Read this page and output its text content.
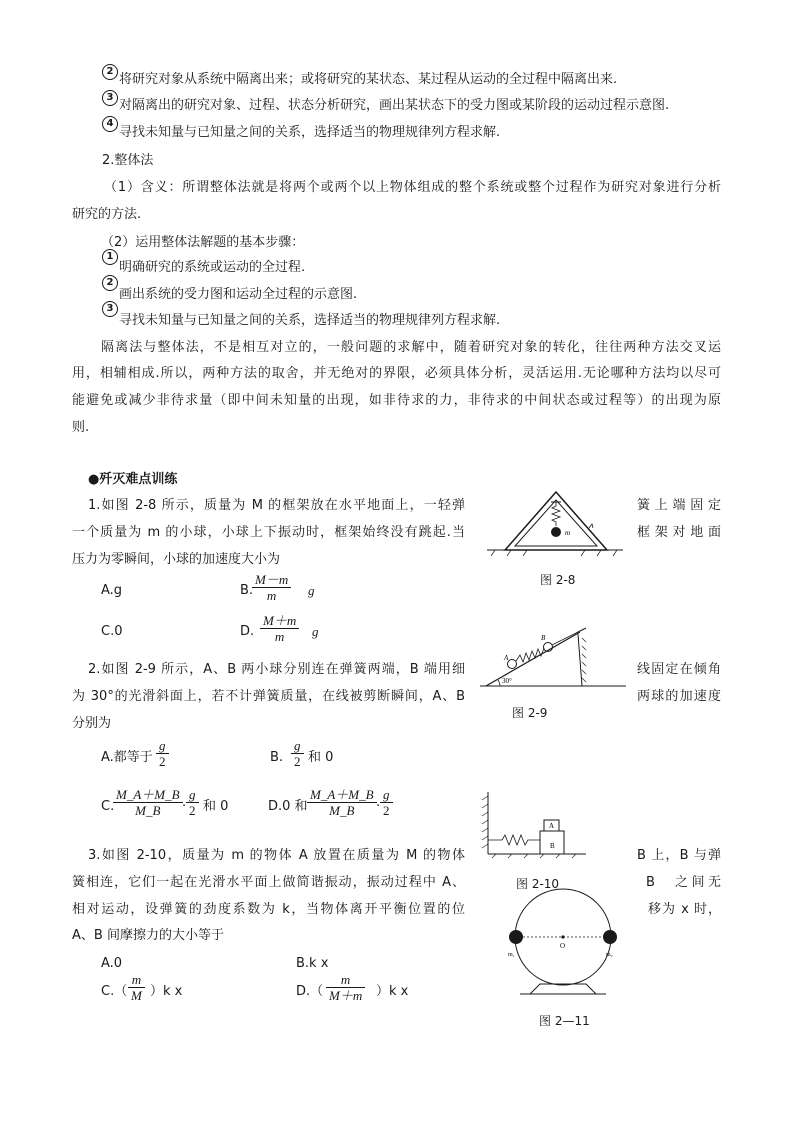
2
将研究对象从系统中隔离出来；或将研究的某状态、某过程从运动的全过程中隔离出来.
3
对隔离出的研究对象、过程、状态分析研究，画出某状态下的受力图或某阶段的运动过程示意图.
4
寻找未知量与已知量之间的关系，选择适当的物理规律列方程求解.
2.整体法
（1）含义：所谓整体法就是将两个或两个以上物体组成的整个系统或整个过程作为研究对象进行分析
研究的方法.
（2）运用整体法解题的基本步骤：
1
明确研究的系统或运动的全过程.
2
画出系统的受力图和运动全过程的示意图.
3
寻找未知量与已知量之间的关系，选择适当的物理规律列方程求解.
隔离法与整体法，不是相互对立的，一般问题的求解中，随着研究对象的转化，往往两种方法交叉运
用，相辅相成.所以，两种方法的取舍，并无绝对的界限，必须具体分析，灵活运用.无论哪种方法均以尽可
能避免或减少非待求量（即中间未知量的出现，如非待求的力，非待求的中间状态或过程等）的出现为原
则.
●歼灭难点训练
1.如图 2-8 所示，质量为 M 的框架放在水平地面上，一轻弹	簧上端固定
一个质量为 m 的小球，小球上下振动时，框架始终没有跳起.当	框架对地面
压力为零瞬间，小球的加速度大小为
A.g	B.
$\frac{M-m}{m}$ g
C.0	D. $\frac{M+m}{m}$ g
m
图 2-8
2.如图 2-9 所示，A、B 两小球分别连在弹簧两端，B 端用细	线固定在倾角
为 30°的光滑斜面上，若不计弹簧质量，在线被剪断瞬间，A、B	两球的加速度
分别为
A.都等于 $\frac{g}{2}$	B. $\frac{g}{2}$ 和 0
C.
$\frac{M\_A+M\_B}{M\_B} \cdot \frac{g}{2}$ 和 0	D.0 和 $\frac{M\_A+M\_B}{M\_B} \cdot \frac{g}{2}$
A
B
30°
图 2-9
3.如图 2-10，质量为 m 的物体 A 放置在质量为 M 的物体	B 上，B 与弹
簧相连，它们一起在光滑水平面上做简谐振动，振动过程中 A、	B　之间无
相对运动，设弹簧的劲度系数为 k，当物体离开平衡位置的位	移为 x 时，
A、B 间摩擦力的大小等于
A.0	B.k x
$C.( \frac{m}{M} )k$ x	$D.( \frac{m}{M+m} )k$ x
A
B
图 2-10
O
m₁	m₂
图 2—11
